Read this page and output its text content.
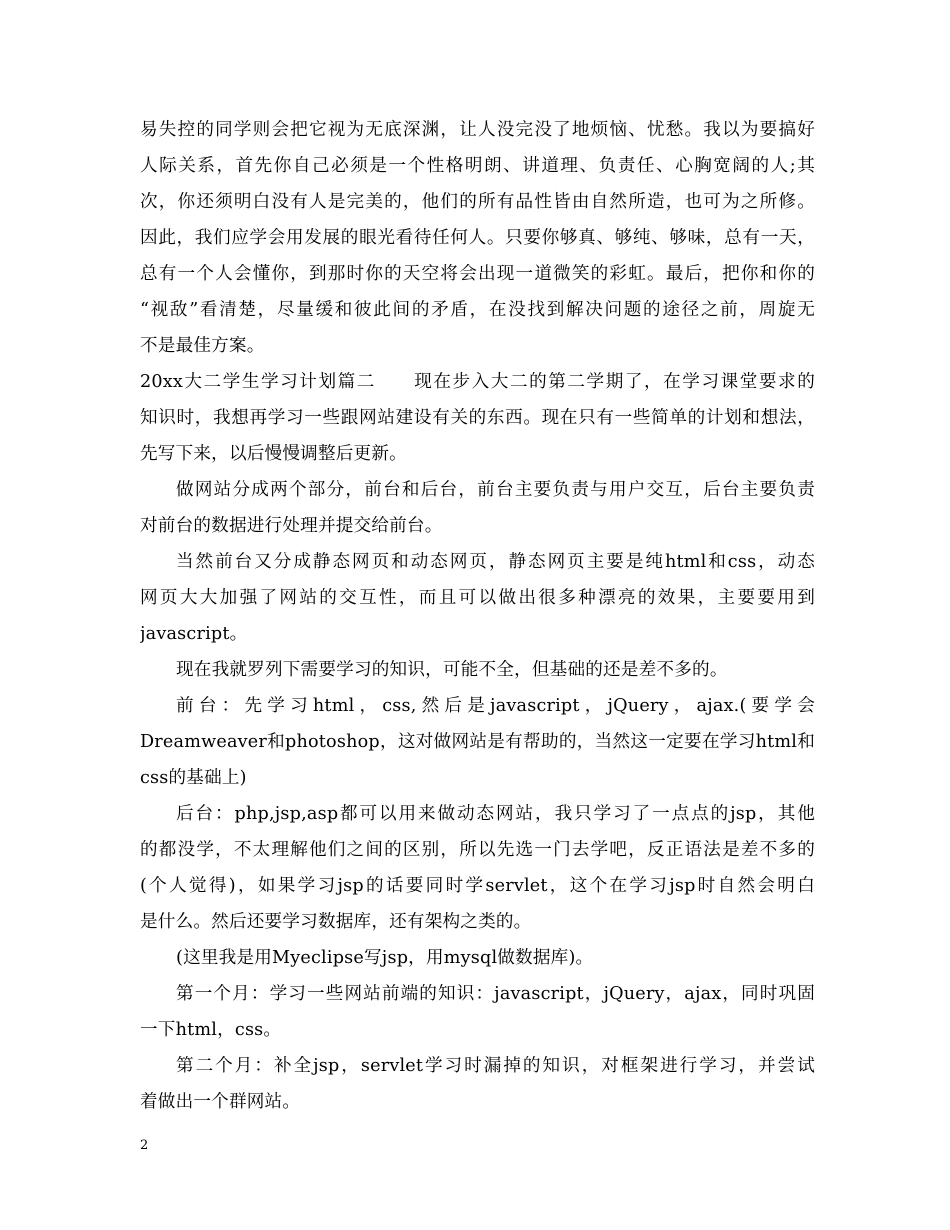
易失控的同学则会把它视为无底深渊，让人没完没了地烦恼、忧愁。我以为要搞好
人际关系，首先你自己必须是一个性格明朗、讲道理、负责任、心胸宽阔的人;其
次，你还须明白没有人是完美的，他们的所有品性皆由自然所造，也可为之所修。
因此，我们应学会用发展的眼光看待任何人。只要你够真、够纯、够味，总有一天，
总有一个人会懂你，到那时你的天空将会出现一道微笑的彩虹。最后，把你和你的
“视敌”看清楚，尽量缓和彼此间的矛盾，在没找到解决问题的途径之前，周旋无
不是最佳方案。
20xx大二学生学习计划篇二　　现在步入大二的第二学期了，在学习课堂要求的
知识时，我想再学习一些跟网站建设有关的东西。现在只有一些简单的计划和想法，
先写下来，以后慢慢调整后更新。
做网站分成两个部分，前台和后台，前台主要负责与用户交互，后台主要负责
对前台的数据进行处理并提交给前台。
当然前台又分成静态网页和动态网页，静态网页主要是纯html和css，动态
网页大大加强了网站的交互性，而且可以做出很多种漂亮的效果，主要要用到
javascript。
现在我就罗列下需要学习的知识，可能不全，但基础的还是差不多的。
前台：先学习html，css,然后是javascript，jQuery，ajax.(要学会
Dreamweaver和photoshop，这对做网站是有帮助的，当然这一定要在学习html和
css的基础上)
后台：php,jsp,asp都可以用来做动态网站，我只学习了一点点的jsp，其他
的都没学，不太理解他们之间的区别，所以先选一门去学吧，反正语法是差不多的
(个人觉得)，如果学习jsp的话要同时学servlet，这个在学习jsp时自然会明白
是什么。然后还要学习数据库，还有架构之类的。
(这里我是用Myeclipse写jsp，用mysql做数据库)。
第一个月：学习一些网站前端的知识：javascript，jQuery，ajax，同时巩固
一下html，css。
第二个月：补全jsp，servlet学习时漏掉的知识，对框架进行学习，并尝试
着做出一个群网站。
2
